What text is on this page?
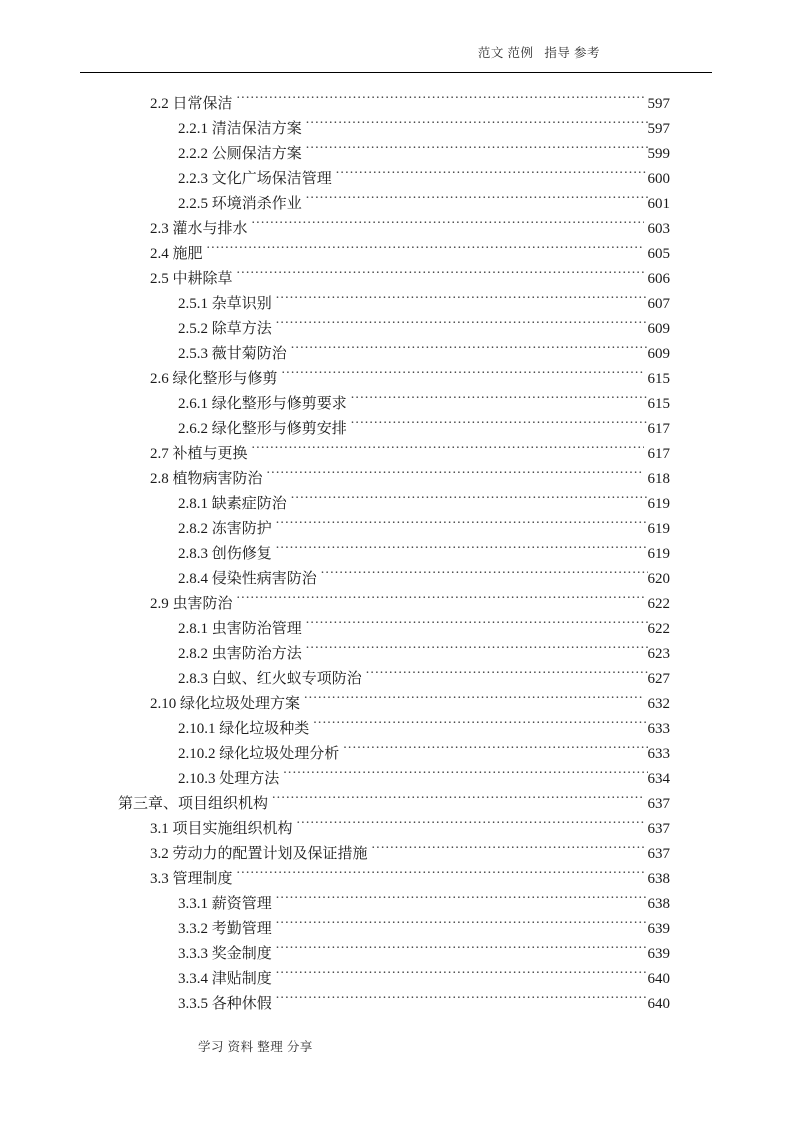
范文 范例   指导 参考
2.2 日常保洁 .....	597
2.2.1 清洁保洁方案 .....	597
2.2.2 公厕保洁方案 .....	599
2.2.3 文化广场保洁管理 .....	600
2.2.5 环境消杀作业 .....	601
2.3 灌水与排水 .....	603
2.4 施肥 .....	605
2.5 中耕除草 .....	606
2.5.1 杂草识别 .....	607
2.5.2 除草方法 .....	609
2.5.3 薇甘菊防治 .....	609
2.6 绿化整形与修剪 .....	615
2.6.1 绿化整形与修剪要求 .....	615
2.6.2 绿化整形与修剪安排 .....	617
2.7 补植与更换 .....	617
2.8 植物病害防治 .....	618
2.8.1 缺素症防治 .....	619
2.8.2 冻害防护 .....	619
2.8.3 创伤修复 .....	619
2.8.4 侵染性病害防治 .....	620
2.9 虫害防治 .....	622
2.8.1 虫害防治管理 .....	622
2.8.2 虫害防治方法 .....	623
2.8.3 白蚁、红火蚁专项防治 .....	627
2.10 绿化垃圾处理方案 .....	632
2.10.1 绿化垃圾种类 .....	633
2.10.2 绿化垃圾处理分析 .....	633
2.10.3 处理方法 .....	634
第三章、项目组织机构 .....	637
3.1 项目实施组织机构 .....	637
3.2 劳动力的配置计划及保证措施 .....	637
3.3 管理制度 .....	638
3.3.1 薪资管理 .....	638
3.3.2 考勤管理 .....	639
3.3.3 奖金制度 .....	639
3.3.4 津贴制度 .....	640
3.3.5 各种休假 .....	640
学习 资料 整理 分享
